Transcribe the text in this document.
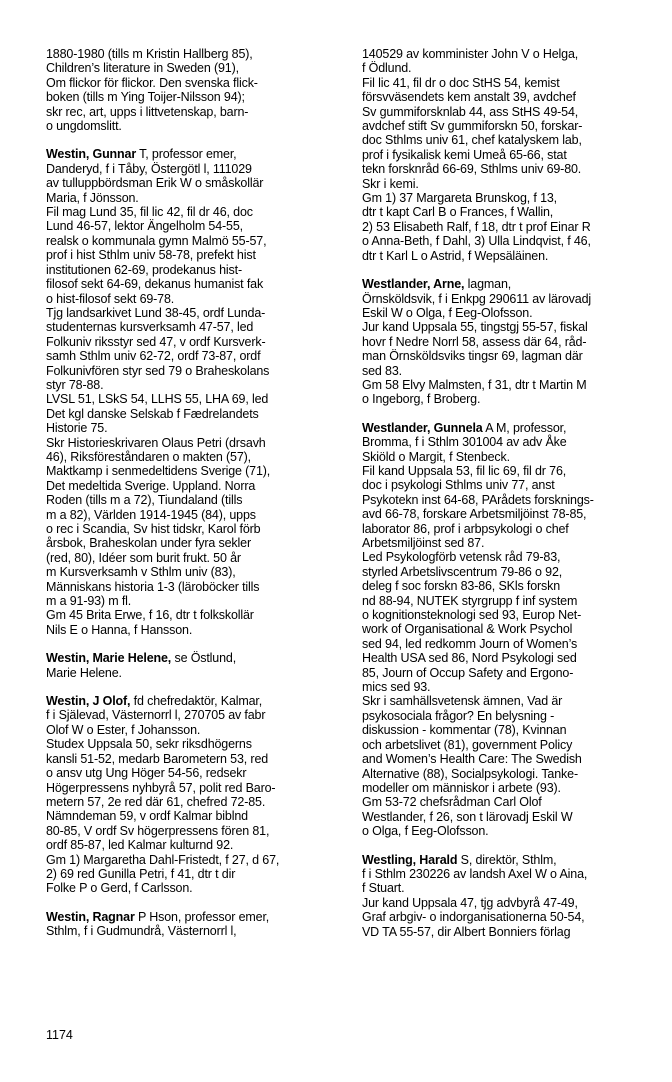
1880-1980 (tills m Kristin Hallberg 85),
Children’s literature in Sweden (91),
Om flickor för flickor. Den svenska flick-
boken (tills m Ying Toijer-Nilsson 94);
skr rec, art, upps i littvetenskap, barn-
o ungdomslitt.
Westin, Gunnar T, professor emer,
Danderyd, f i Tåby, Östergötl l, 111029
av tulluppbördsman Erik W o småskollär
Maria, f Jönsson.
Fil mag Lund 35, fil lic 42, fil dr 46, doc
Lund 46-57, lektor Ängelholm 54-55,
realsk o kommunala gymn Malmö 55-57,
prof i hist Sthlm univ 58-78, prefekt hist
institutionen 62-69, prodekanus hist-
filosof sekt 64-69, dekanus humanist fak
o hist-filosof sekt 69-78.
Tjg landsarkivet Lund 38-45, ordf Lunda-
studenternas kursverksamh 47-57, led
Folkuniv riksstyr sed 47, v ordf Kursverk-
samh Sthlm univ 62-72, ordf 73-87, ordf
Folkunivfören styr sed 79 o Braheskolans
styr 78-88.
LVSL 51, LSkS 54, LLHS 55, LHA 69, led
Det kgl danske Selskab f Fædrelandets
Historie 75.
Skr Historieskrivaren Olaus Petri (drsavh
46), Riksföreståndaren o makten (57),
Maktkamp i senmedeltidens Sverige (71),
Det medeltida Sverige. Uppland. Norra
Roden (tills m a 72), Tiundaland (tills
m a 82), Världen 1914-1945 (84), upps
o rec i Scandia, Sv hist tidskr, Karol förb
årsbok, Braheskolan under fyra sekler
(red, 80), Idéer som burit frukt. 50 år
m Kursverksamh v Sthlm univ (83),
Människans historia 1-3 (läroböcker tills
m a 91-93) m fl.
Gm 45 Brita Erwe, f 16, dtr t folkskollär
Nils E o Hanna, f Hansson.
Westin, Marie Helene, se Östlund,
Marie Helene.
Westin, J Olof, fd chefredaktör, Kalmar,
f i Själevad, Västernorrl l, 270705 av fabr
Olof W o Ester, f Johansson.
Studex Uppsala 50, sekr riksdhögerns
kansli 51-52, medarb Barometern 53, red
o ansv utg Ung Höger 54-56, redsekr
Högerpressens nyhbyrå 57, polit red Baro-
metern 57, 2e red där 61, chefred 72-85.
Nämndeman 59, v ordf Kalmar biblnd
80-85, V ordf Sv högerpressens fören 81,
ordf 85-87, led Kalmar kulturnd 92.
Gm 1) Margaretha Dahl-Fristedt, f 27, d 67,
2) 69 red Gunilla Petri, f 41, dtr t dir
Folke P o Gerd, f Carlsson.
Westin, Ragnar P Hson, professor emer,
Sthlm, f i Gudmundrå, Västernorrl l,
140529 av komminister John V o Helga,
f Ödlund.
Fil lic 41, fil dr o doc StHS 54, kemist
försvväsendets kem anstalt 39, avdchef
Sv gummiforsknlab 44, ass StHS 49-54,
avdchef stift Sv gummiforskn 50, forskar-
doc Sthlms univ 61, chef katalyskem lab,
prof i fysikalisk kemi Umeå 65-66, stat
tekn forsknråd 66-69, Sthlms univ 69-80.
Skr i kemi.
Gm 1) 37 Margareta Brunskog, f 13,
dtr t kapt Carl B o Frances, f Wallin,
2) 53 Elisabeth Ralf, f 18, dtr t prof Einar R
o Anna-Beth, f Dahl, 3) Ulla Lindqvist, f 46,
dtr t Karl L o Astrid, f Wepsäläinen.
Westlander, Arne, lagman,
Örnsköldsvik, f i Enkpg 290611 av lärovadj
Eskil W o Olga, f Eeg-Olofsson.
Jur kand Uppsala 55, tingstgj 55-57, fiskal
hovr f Nedre Norrl 58, assess där 64, råd-
man Örnsköldsviks tingsr 69, lagman där
sed 83.
Gm 58 Elvy Malmsten, f 31, dtr t Martin M
o Ingeborg, f Broberg.
Westlander, Gunnela A M, professor,
Bromma, f i Sthlm 301004 av adv Åke
Skiöld o Margit, f Stenbeck.
Fil kand Uppsala 53, fil lic 69, fil dr 76,
doc i psykologi Sthlms univ 77, anst
Psykotekn inst 64-68, PArådets forsknings-
avd 66-78, forskare Arbetsmiljöinst 78-85,
laborator 86, prof i arbpsykologi o chef
Arbetsmiljöinst sed 87.
Led Psykologförb vetensk råd 79-83,
styrled Arbetslivscentrum 79-86 o 92,
deleg f soc forskn 83-86, SKls forskn
nd 88-94, NUTEK styrgrupp f inf system
o kognitionsteknologi sed 93, Europ Net-
work of Organisational & Work Psychol
sed 94, led redkomm Journ of Women’s
Health USA sed 86, Nord Psykologi sed
85, Journ of Occup Safety and Ergono-
mics sed 93.
Skr i samhällsvetensk ämnen, Vad är
psykosociala frågor? En belysning -
diskussion - kommentar (78), Kvinnan
och arbetslivet (81), government Policy
and Women’s Health Care: The Swedish
Alternative (88), Socialpsykologi. Tanke-
modeller om människor i arbete (93).
Gm 53-72 chefsrådman Carl Olof
Westlander, f 26, son t lärovadj Eskil W
o Olga, f Eeg-Olofsson.
Westling, Harald S, direktör, Sthlm,
f i Sthlm 230226 av landsh Axel W o Aina,
f Stuart.
Jur kand Uppsala 47, tjg advbyrå 47-49,
Graf arbgiv- o indorganisationerna 50-54,
VD TA 55-57, dir Albert Bonniers förlag
1174
